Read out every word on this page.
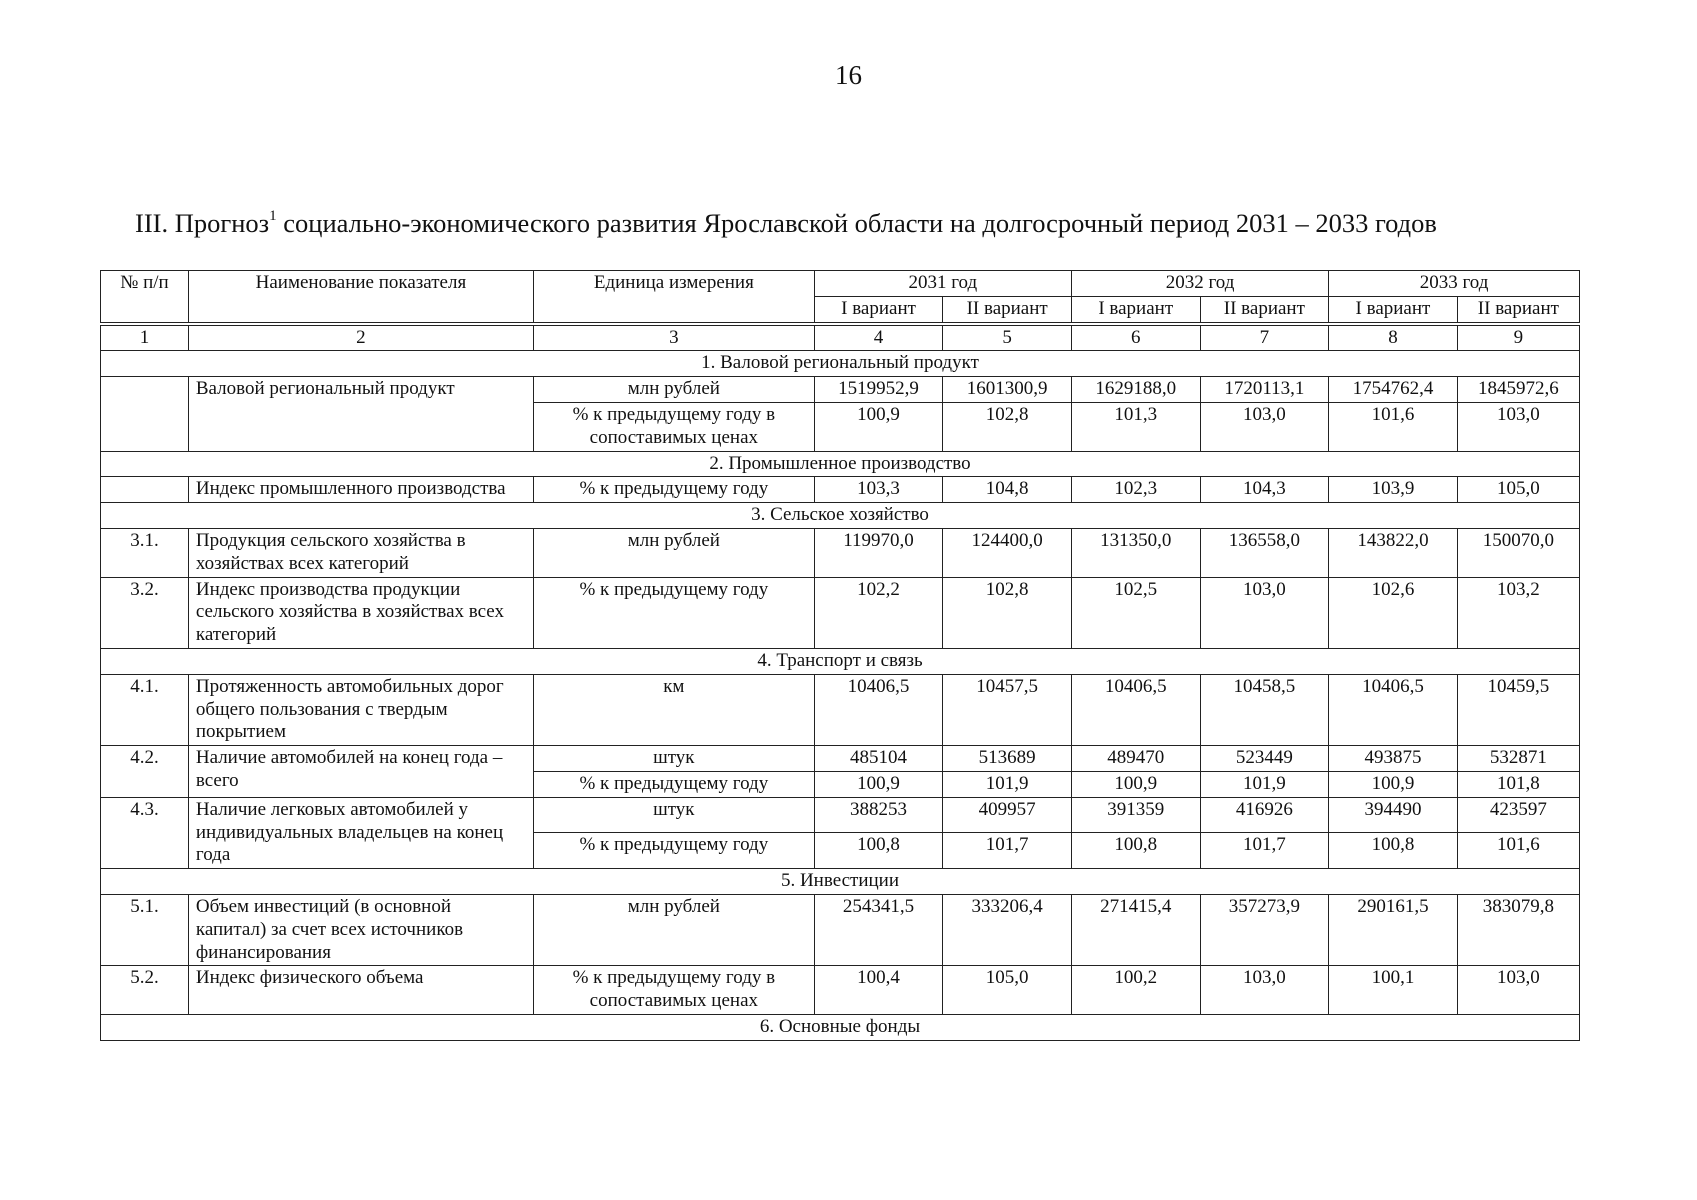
16
III. Прогноз$^1$ социально-экономического развития Ярославской области на долгосрочный период 2031 – 2033 годов
№ п/п	Наименование показателя	Единица измерения	2031 год		2032 год		2033 год	
			I вариант	II вариант	I вариант	II вариант	I вариант	II вариант
1	2	3	4	5	6	7	8	9
1. Валовой региональный продукт								
	Валовой региональный продукт	млн рублей	1519952,9	1601300,9	1629188,0	1720113,1	1754762,4	1845972,6
		% к предыдущему году в сопоставимых ценах	100,9	102,8	101,3	103,0	101,6	103,0
2. Промышленное производство								
	Индекс промышленного производства	% к предыдущему году	103,3	104,8	102,3	104,3	103,9	105,0
3. Сельское хозяйство								
3.1.	Продукция сельского хозяйства в хозяйствах всех категорий	млн рублей	119970,0	124400,0	131350,0	136558,0	143822,0	150070,0
3.2.	Индекс производства продукции сельского хозяйства в хозяйствах всех категорий	% к предыдущему году	102,2	102,8	102,5	103,0	102,6	103,2
4. Транспорт и связь								
4.1.	Протяженность автомобильных дорог общего пользования с твердым покрытием	км	10406,5	10457,5	10406,5	10458,5	10406,5	10459,5
4.2.	Наличие автомобилей на конец года – всего	штук	485104	513689	489470	523449	493875	532871
		% к предыдущему году	100,9	101,9	100,9	101,9	100,9	101,8
4.3.	Наличие легковых автомобилей у индивидуальных владельцев на конец года	штук	388253	409957	391359	416926	394490	423597
		% к предыдущему году	100,8	101,7	100,8	101,7	100,8	101,6
5. Инвестиции								
5.1.	Объем инвестиций (в основной капитал) за счет всех источников финансирования	млн рублей	254341,5	333206,4	271415,4	357273,9	290161,5	383079,8
5.2.	Индекс физического объема	% к предыдущему году в сопоставимых ценах	100,4	105,0	100,2	103,0	100,1	103,0
6. Основные фонды								
